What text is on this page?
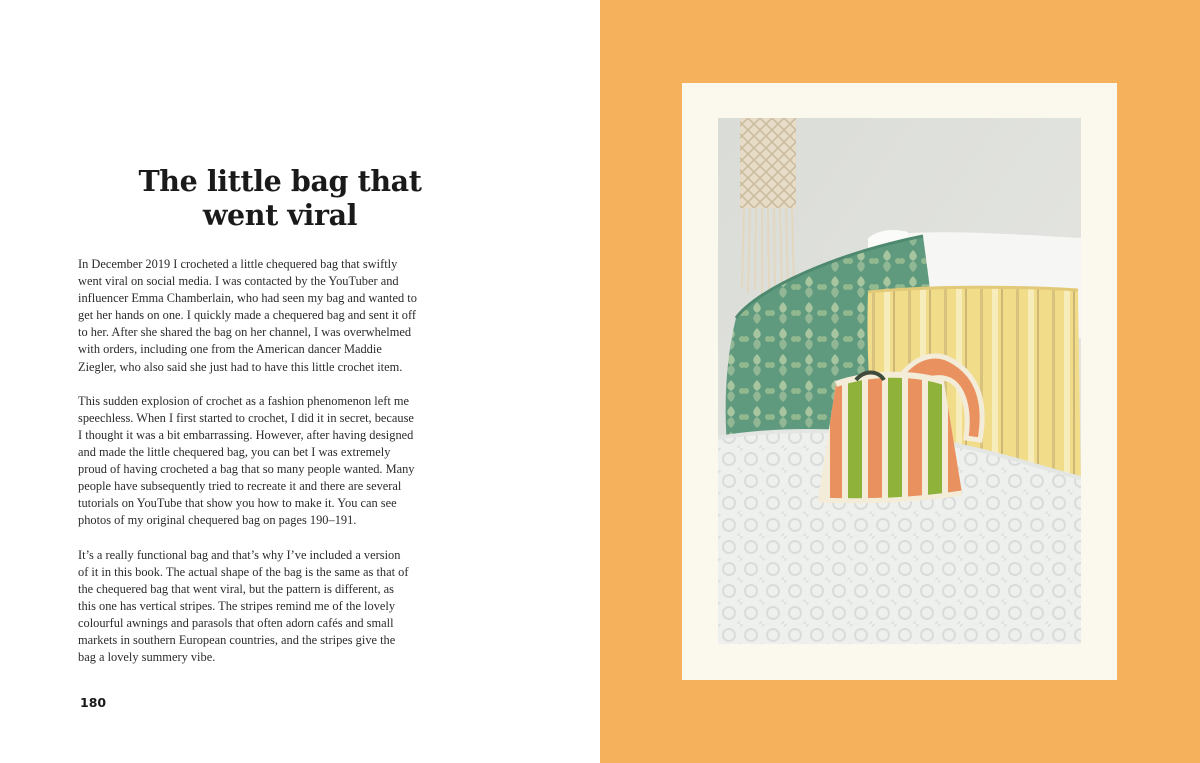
The little bag that
went viral

In December 2019 I crocheted a little chequered bag that swiftly
went viral on social media. I was contacted by the YouTuber and
influencer Emma Chamberlain, who had seen my bag and wanted to
get her hands on one. I quickly made a chequered bag and sent it off
to her. After she shared the bag on her channel, I was overwhelmed
with orders, including one from the American dancer Maddie
Ziegler, who also said she just had to have this little crochet item.

This sudden explosion of crochet as a fashion phenomenon left me
speechless. When I first started to crochet, I did it in secret, because
I thought it was a bit embarrassing. However, after having designed
and made the little chequered bag, you can bet I was extremely
proud of having crocheted a bag that so many people wanted. Many
people have subsequently tried to recreate it and there are several
tutorials on YouTube that show you how to make it. You can see
photos of my original chequered bag on pages 190–191.

It’s a really functional bag and that’s why I’ve included a version
of it in this book. The actual shape of the bag is the same as that of
the chequered bag that went viral, but the pattern is different, as
this one has vertical stripes. The stripes remind me of the lovely
colourful awnings and parasols that often adorn cafés and small
markets in southern European countries, and the stripes give the
bag a lovely summery vibe.

180
